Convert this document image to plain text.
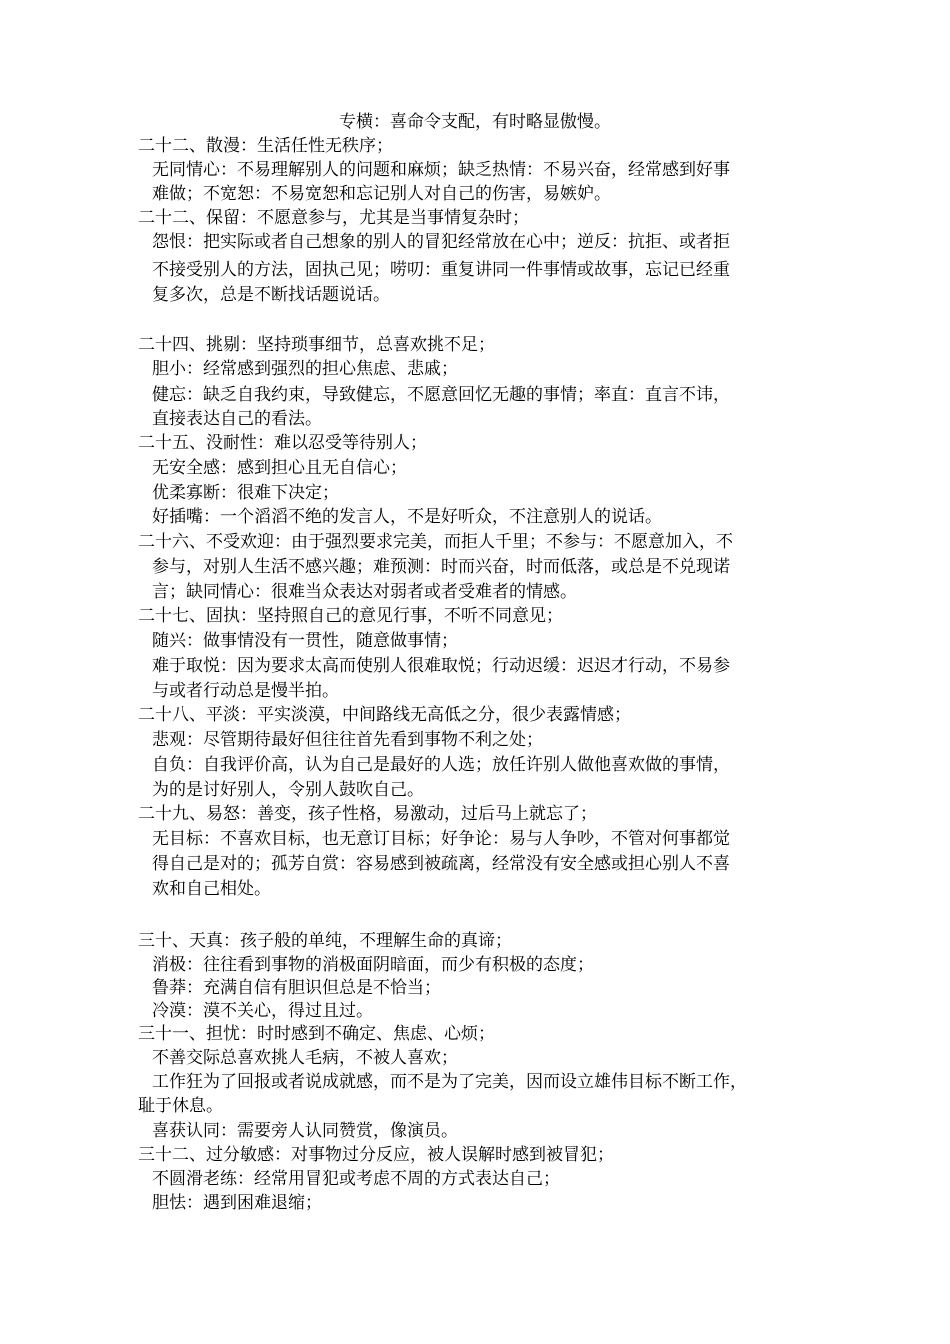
专横：喜命令支配，有时略显傲慢。
二十二、散漫：生活任性无秩序；
无同情心：不易理解别人的问题和麻烦；缺乏热情：不易兴奋，经常感到好事
难做；不宽恕：不易宽恕和忘记别人对自己的伤害，易嫉妒。
二十二、保留：不愿意参与，尤其是当事情复杂时；
怨恨：把实际或者自己想象的别人的冒犯经常放在心中；逆反：抗拒、或者拒
不接受别人的方法，固执己见；唠叨：重复讲同一件事情或故事，忘记已经重
复多次，总是不断找话题说话。
二十四、挑剔：坚持琐事细节，总喜欢挑不足；
胆小：经常感到强烈的担心焦虑、悲戚；
健忘：缺乏自我约束，导致健忘，不愿意回忆无趣的事情；率直：直言不讳，
直接表达自己的看法。
二十五、没耐性：难以忍受等待别人；
无安全感：感到担心且无自信心；
优柔寡断：很难下决定；
好插嘴：一个滔滔不绝的发言人，不是好听众，不注意别人的说话。
二十六、不受欢迎：由于强烈要求完美，而拒人千里；不参与：不愿意加入，不
参与，对别人生活不感兴趣；难预测：时而兴奋，时而低落，或总是不兑现诺
言；缺同情心：很难当众表达对弱者或者受难者的情感。
二十七、固执：坚持照自己的意见行事，不听不同意见；
随兴：做事情没有一贯性，随意做事情；
难于取悦：因为要求太高而使别人很难取悦；行动迟缓：迟迟才行动，不易参
与或者行动总是慢半拍。
二十八、平淡：平实淡漠，中间路线无高低之分，很少表露情感；
悲观：尽管期待最好但往往首先看到事物不利之处；
自负：自我评价高，认为自己是最好的人选；放任许别人做他喜欢做的事情，
为的是讨好别人，令别人鼓吹自己。
二十九、易怒：善变，孩子性格，易激动，过后马上就忘了；
无目标：不喜欢目标，也无意订目标；好争论：易与人争吵，不管对何事都觉
得自己是对的；孤芳自赏：容易感到被疏离，经常没有安全感或担心别人不喜
欢和自己相处。
三十、天真：孩子般的单纯，不理解生命的真谛；
消极：往往看到事物的消极面阴暗面，而少有积极的态度；
鲁莽：充满自信有胆识但总是不恰当；
冷漠：漠不关心，得过且过。
三十一、担忧：时时感到不确定、焦虑、心烦；
不善交际总喜欢挑人毛病，不被人喜欢；
工作狂为了回报或者说成就感，而不是为了完美，因而设立雄伟目标不断工作，
耻于休息。
喜获认同：需要旁人认同赞赏，像演员。
三十二、过分敏感：对事物过分反应，被人误解时感到被冒犯；
不圆滑老练：经常用冒犯或考虑不周的方式表达自己；
胆怯：遇到困难退缩；
